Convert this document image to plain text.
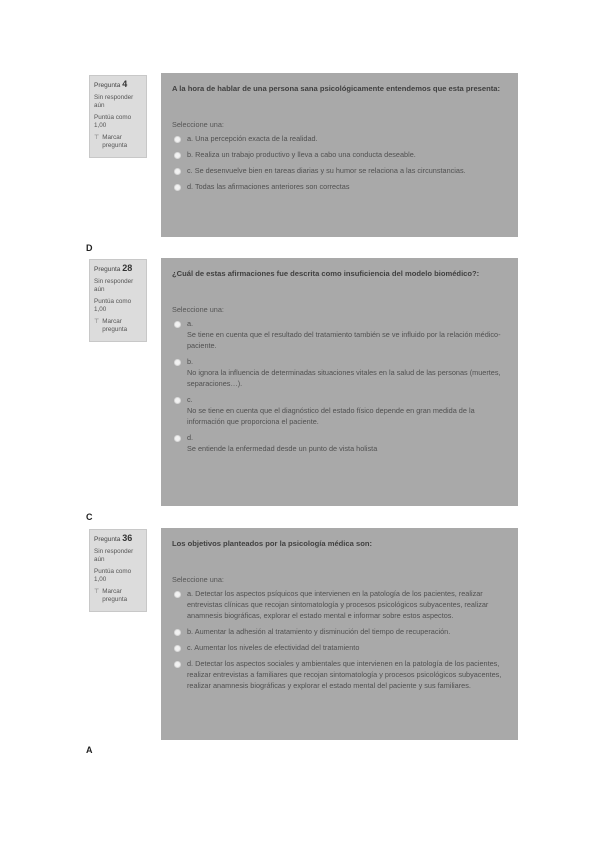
Pregunta 4
Sin responder aún
Puntúa como 1,00
⊤ Marcar pregunta

A la hora de hablar de una persona sana psicológicamente entendemos que esta presenta:

Seleccione una:
a. Una percepción exacta de la realidad.
b. Realiza un trabajo productivo y lleva a cabo una conducta deseable.
c. Se desenvuelve bien en tareas diarias y su humor se relaciona a las circunstancias.
d. Todas las afirmaciones anteriores son correctas
D
Pregunta 28
Sin responder aún
Puntúa como 1,00
⊤ Marcar pregunta

¿Cuál de estas afirmaciones fue descrita como insuficiencia del modelo biomédico?:

Seleccione una:
a.
Se tiene en cuenta que el resultado del tratamiento también se ve influido por la relación médico-paciente.
b.
No ignora la influencia de determinadas situaciones vitales en la salud de las personas (muertes, separaciones…).
c.
No se tiene en cuenta que el diagnóstico del estado físico depende en gran medida de la información que proporciona el paciente.
d.
Se entiende la enfermedad desde un punto de vista holista
C
Pregunta 36
Sin responder aún
Puntúa como 1,00
⊤ Marcar pregunta

Los objetivos planteados por la psicología médica son:

Seleccione una:
a. Detectar los aspectos psíquicos que intervienen en la patología de los pacientes, realizar entrevistas clínicas que recojan sintomatología y procesos psicológicos subyacentes, realizar anamnesis biográficas, explorar el estado mental e informar sobre estos aspectos.
b. Aumentar la adhesión al tratamiento y disminución del tiempo de recuperación.
c. Aumentar los niveles de efectividad del tratamiento
d. Detectar los aspectos sociales y ambientales que intervienen en la patología de los pacientes, realizar entrevistas a familiares que recojan sintomatología y procesos psicológicos subyacentes, realizar anamnesis biográficas y explorar el estado mental del paciente y sus familiares.
A
